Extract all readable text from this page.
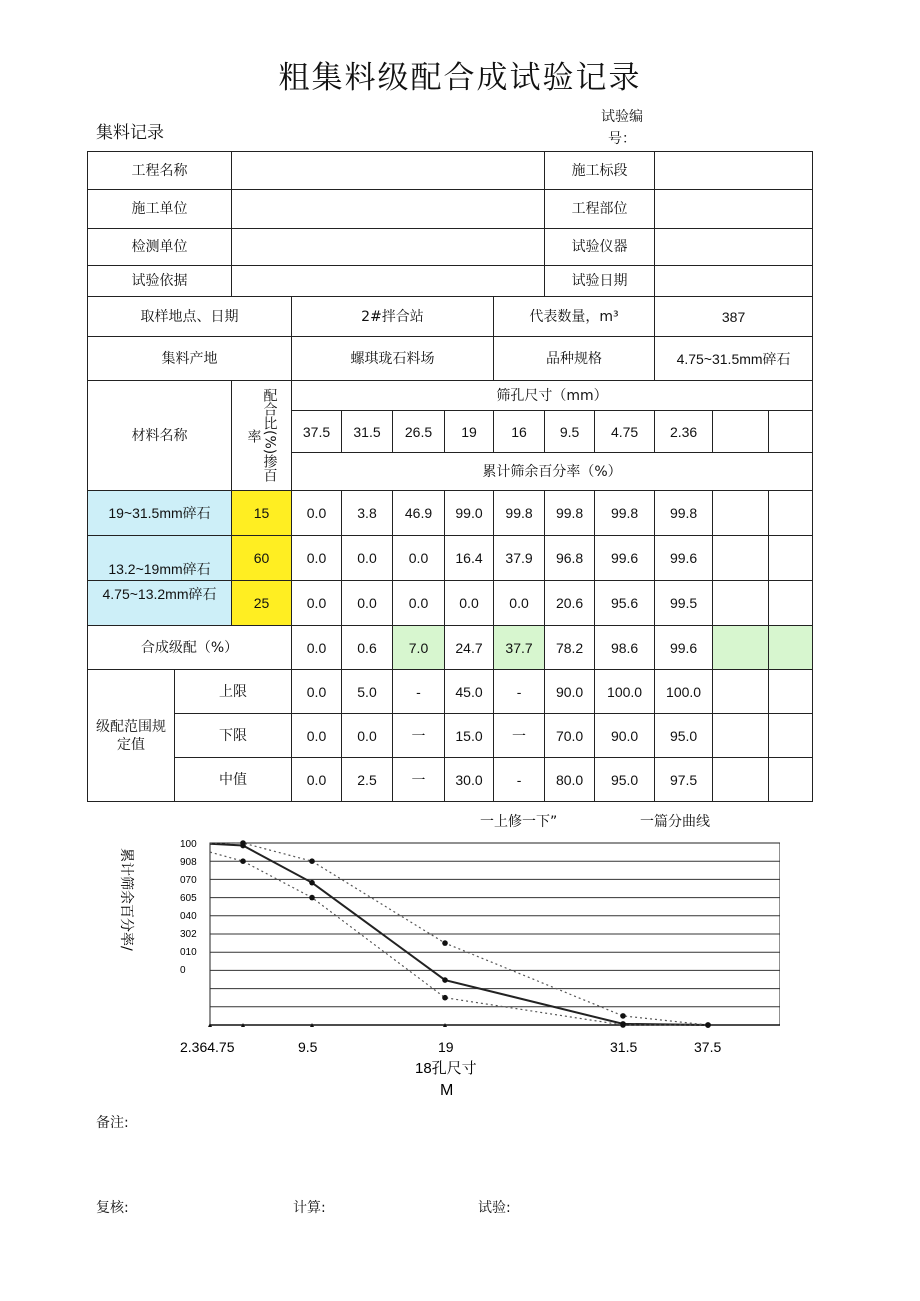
粗集料级配合成试验记录
集料记录
试验编号：
工程名称								施工标段				
施工单位								工程部位				
检测单位								试验仪器				
试验依据								试验日期				
取样地点、日期			2#拌合站				代表数量，m³			387		
集料产地			螺琪珑石料场				品种规格			4.75~31.5mm碎石		
材料名称		配合比(%)掺百率	筛孔尺寸（mm）									
			37.5	31.5	26.5	19	16	9.5	4.75	2.36		
			累计筛余百分率（%）									
19~31.5mm碎石		15	0.0	3.8	46.9	99.0	99.8	99.8	99.8	99.8		
13.2~19mm碎石		60	0.0	0.0	0.0	16.4	37.9	96.8	99.6	99.6		
4.75~13.2mm碎石		25	0.0	0.0	0.0	0.0	0.0	20.6	95.6	99.5		
合成级配（%）			0.0	0.6	7.0	24.7	37.7	78.2	98.6	99.6		
级配范围规定值	上限		0.0	5.0	-	45.0	-	90.0	100.0	100.0		
	下限		0.0	0.0	一	15.0	一	70.0	90.0	95.0		
	中值		0.0	2.5	一	30.0	-	80.0	95.0	97.5		
一上修一下”	一篇分曲线
100
908
070
605
040
302
010
0
2.364.75	9.5	19	31.5	37.5
累计筛余百分率/
18孔尺寸
M
备注:
复核:	计算:	试验:
